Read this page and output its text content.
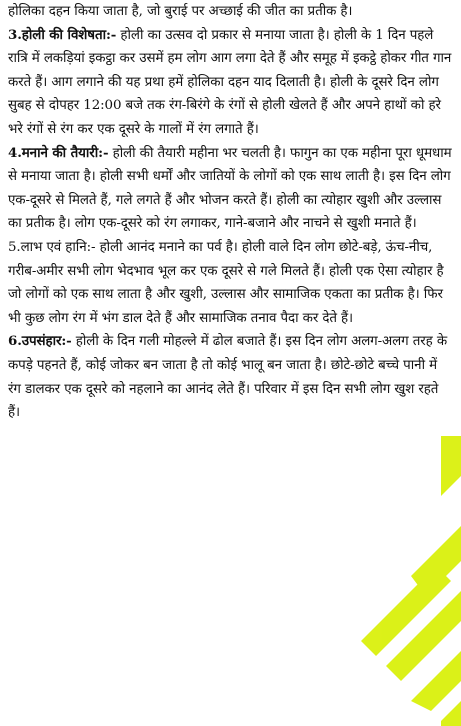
होलिका दहन किया जाता है, जो बुराई पर अच्छाई की जीत का प्रतीक है।

3.होली की विशेषता:- होली का उत्सव दो प्रकार से मनाया जाता है। होली के 1 दिन पहले रात्रि में लकड़ियां इकट्ठा कर उसमें हम लोग आग लगा देते हैं और समूह में इकट्ठे होकर गीत गान करते हैं। आग लगाने की यह प्रथा हमें होलिका दहन याद दिलाती है। होली के दूसरे दिन लोग सुबह से दोपहर 12:00 बजे तक रंग-बिरंगे के रंगों से होली खेलते हैं और अपने हाथों को हरे भरे रंगों से रंग कर एक दूसरे के गालों में रंग लगाते हैं।

4.मनाने की तैयारी:- होली की तैयारी महीना भर चलती है। फागुन का एक महीना पूरा धूमधाम से मनाया जाता है। होली सभी धर्मों और जातियों के लोगों को एक साथ लाती है। इस दिन लोग एक-दूसरे से मिलते हैं, गले लगते हैं और भोजन करते हैं। होली का त्योहार खुशी और उल्लास का प्रतीक है। लोग एक-दूसरे को रंग लगाकर, गाने-बजाने और नाचने से खुशी मनाते हैं।

5.लाभ एवं हानि:- होली आनंद मनाने का पर्व है। होली वाले दिन लोग छोटे-बड़े, ऊंच-नीच, गरीब-अमीर सभी लोग भेदभाव भूल कर एक दूसरे से गले मिलते हैं। होली एक ऐसा त्योहार है जो लोगों को एक साथ लाता है और खुशी, उल्लास और सामाजिक एकता का प्रतीक है। फिर भी कुछ लोग रंग में भंग डाल देते हैं और सामाजिक तनाव पैदा कर देते हैं।

6.उपसंहार:- होली के दिन गली मोहल्ले में ढोल बजाते हैं। इस दिन लोग अलग-अलग तरह के कपड़े पहनते हैं, कोई जोकर बन जाता है तो कोई भालू बन जाता है। छोटे-छोटे बच्चे पानी में रंग डालकर एक दूसरे को नहलाने का आनंद लेते हैं। परिवार में इस दिन सभी लोग खुश रहते हैं।
